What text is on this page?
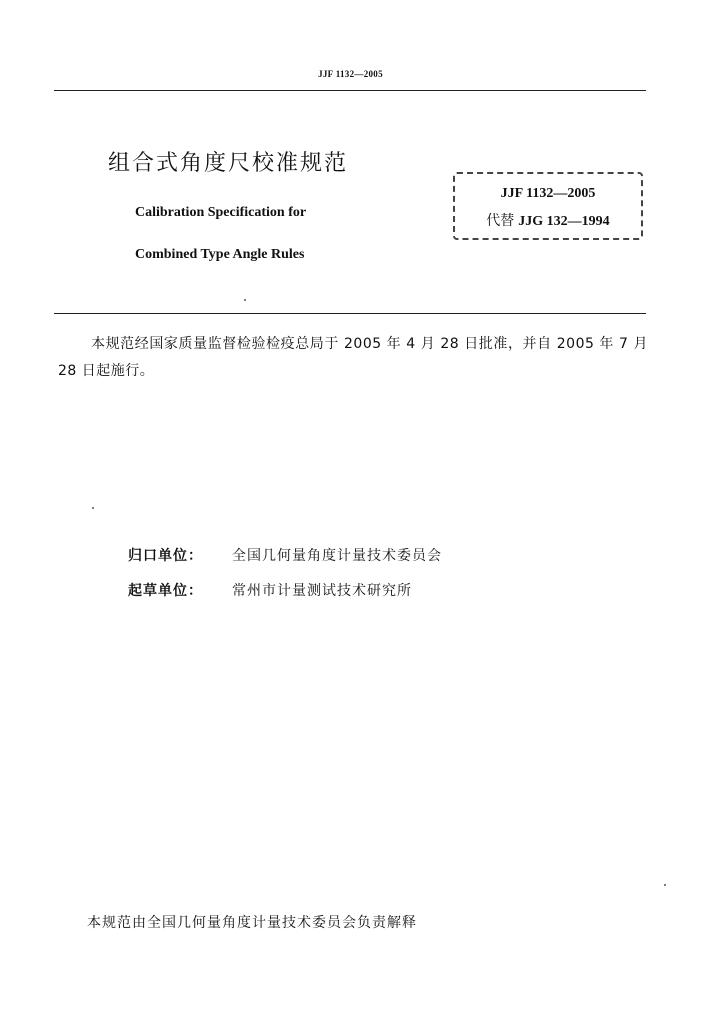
JJF 1132—2005
组合式角度尺校准规范
Calibration Specification for
Combined Type Angle Rules
JJF 1132—2005
代替 JJG 132—1994
本规范经国家质量监督检验检疫总局于 2005 年 4 月 28 日批准，并自 2005 年 7 月 28 日起施行。
归口单位： 全国几何量角度计量技术委员会
起草单位： 常州市计量测试技术研究所
本规范由全国几何量角度计量技术委员会负责解释
